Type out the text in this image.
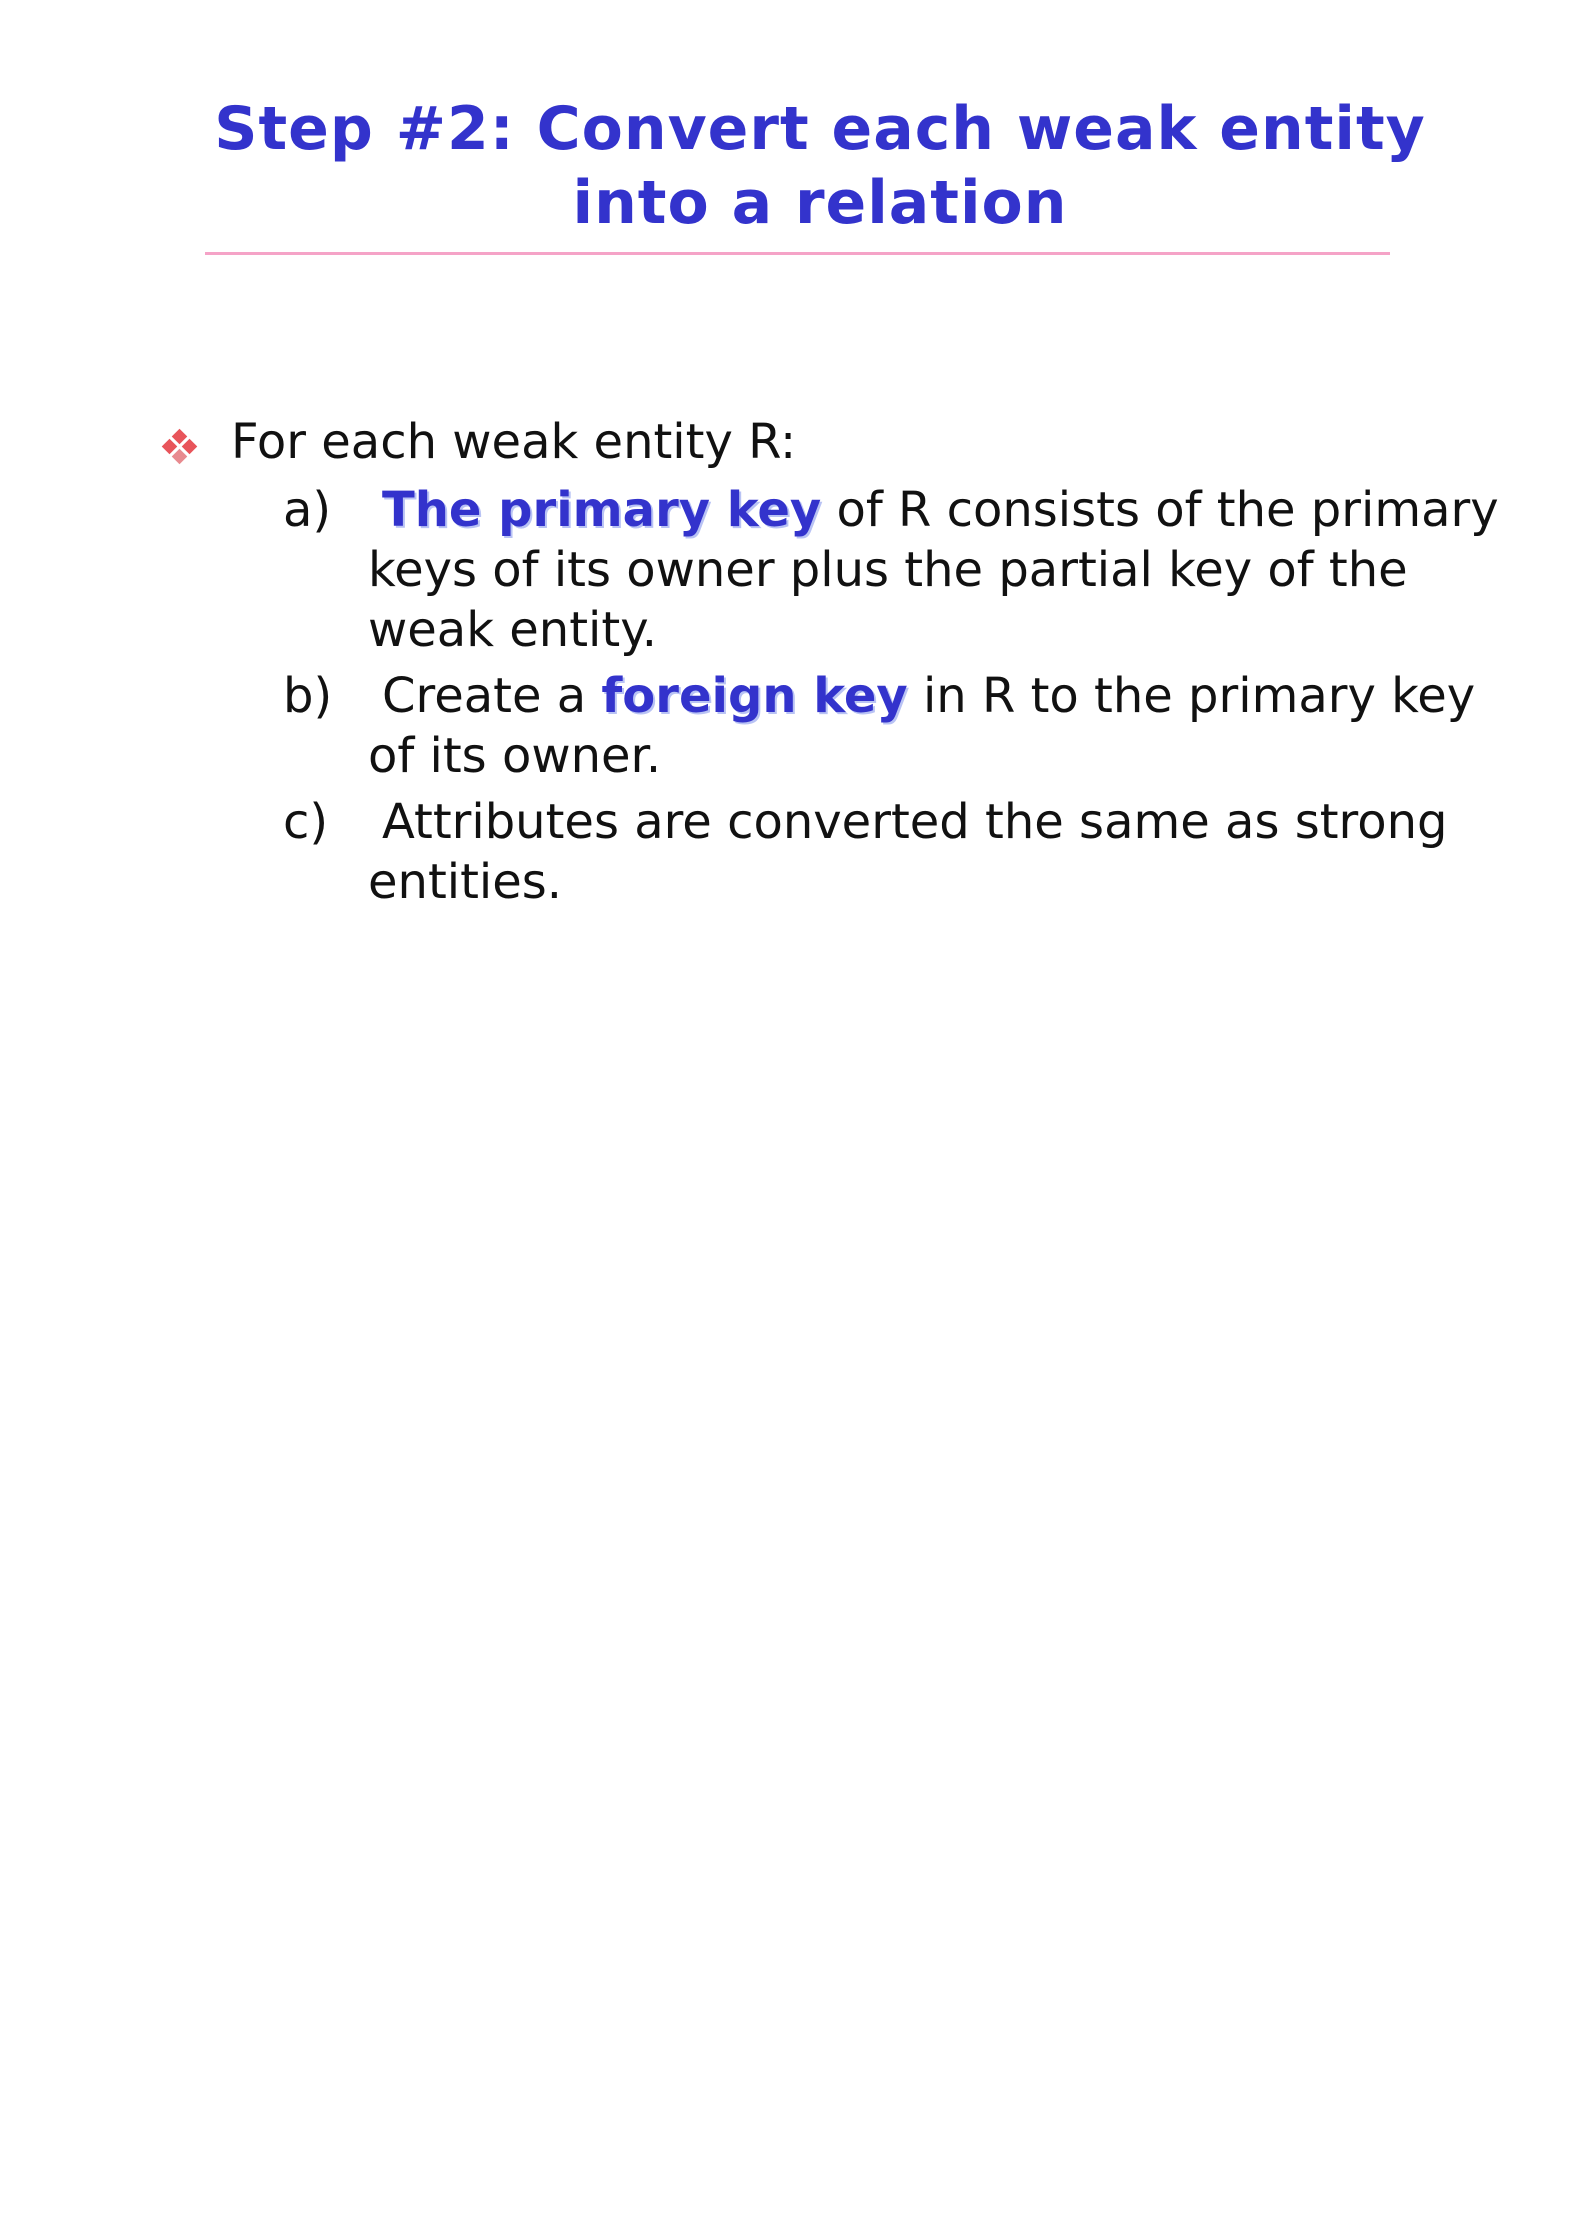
Step #2: Convert each weak entity into a relation
For each weak entity R:
a) The primary key of R consists of the primary keys of its owner plus the partial key of the weak entity.
b) Create a foreign key in R to the primary key of its owner.
c) Attributes are converted the same as strong entities.
